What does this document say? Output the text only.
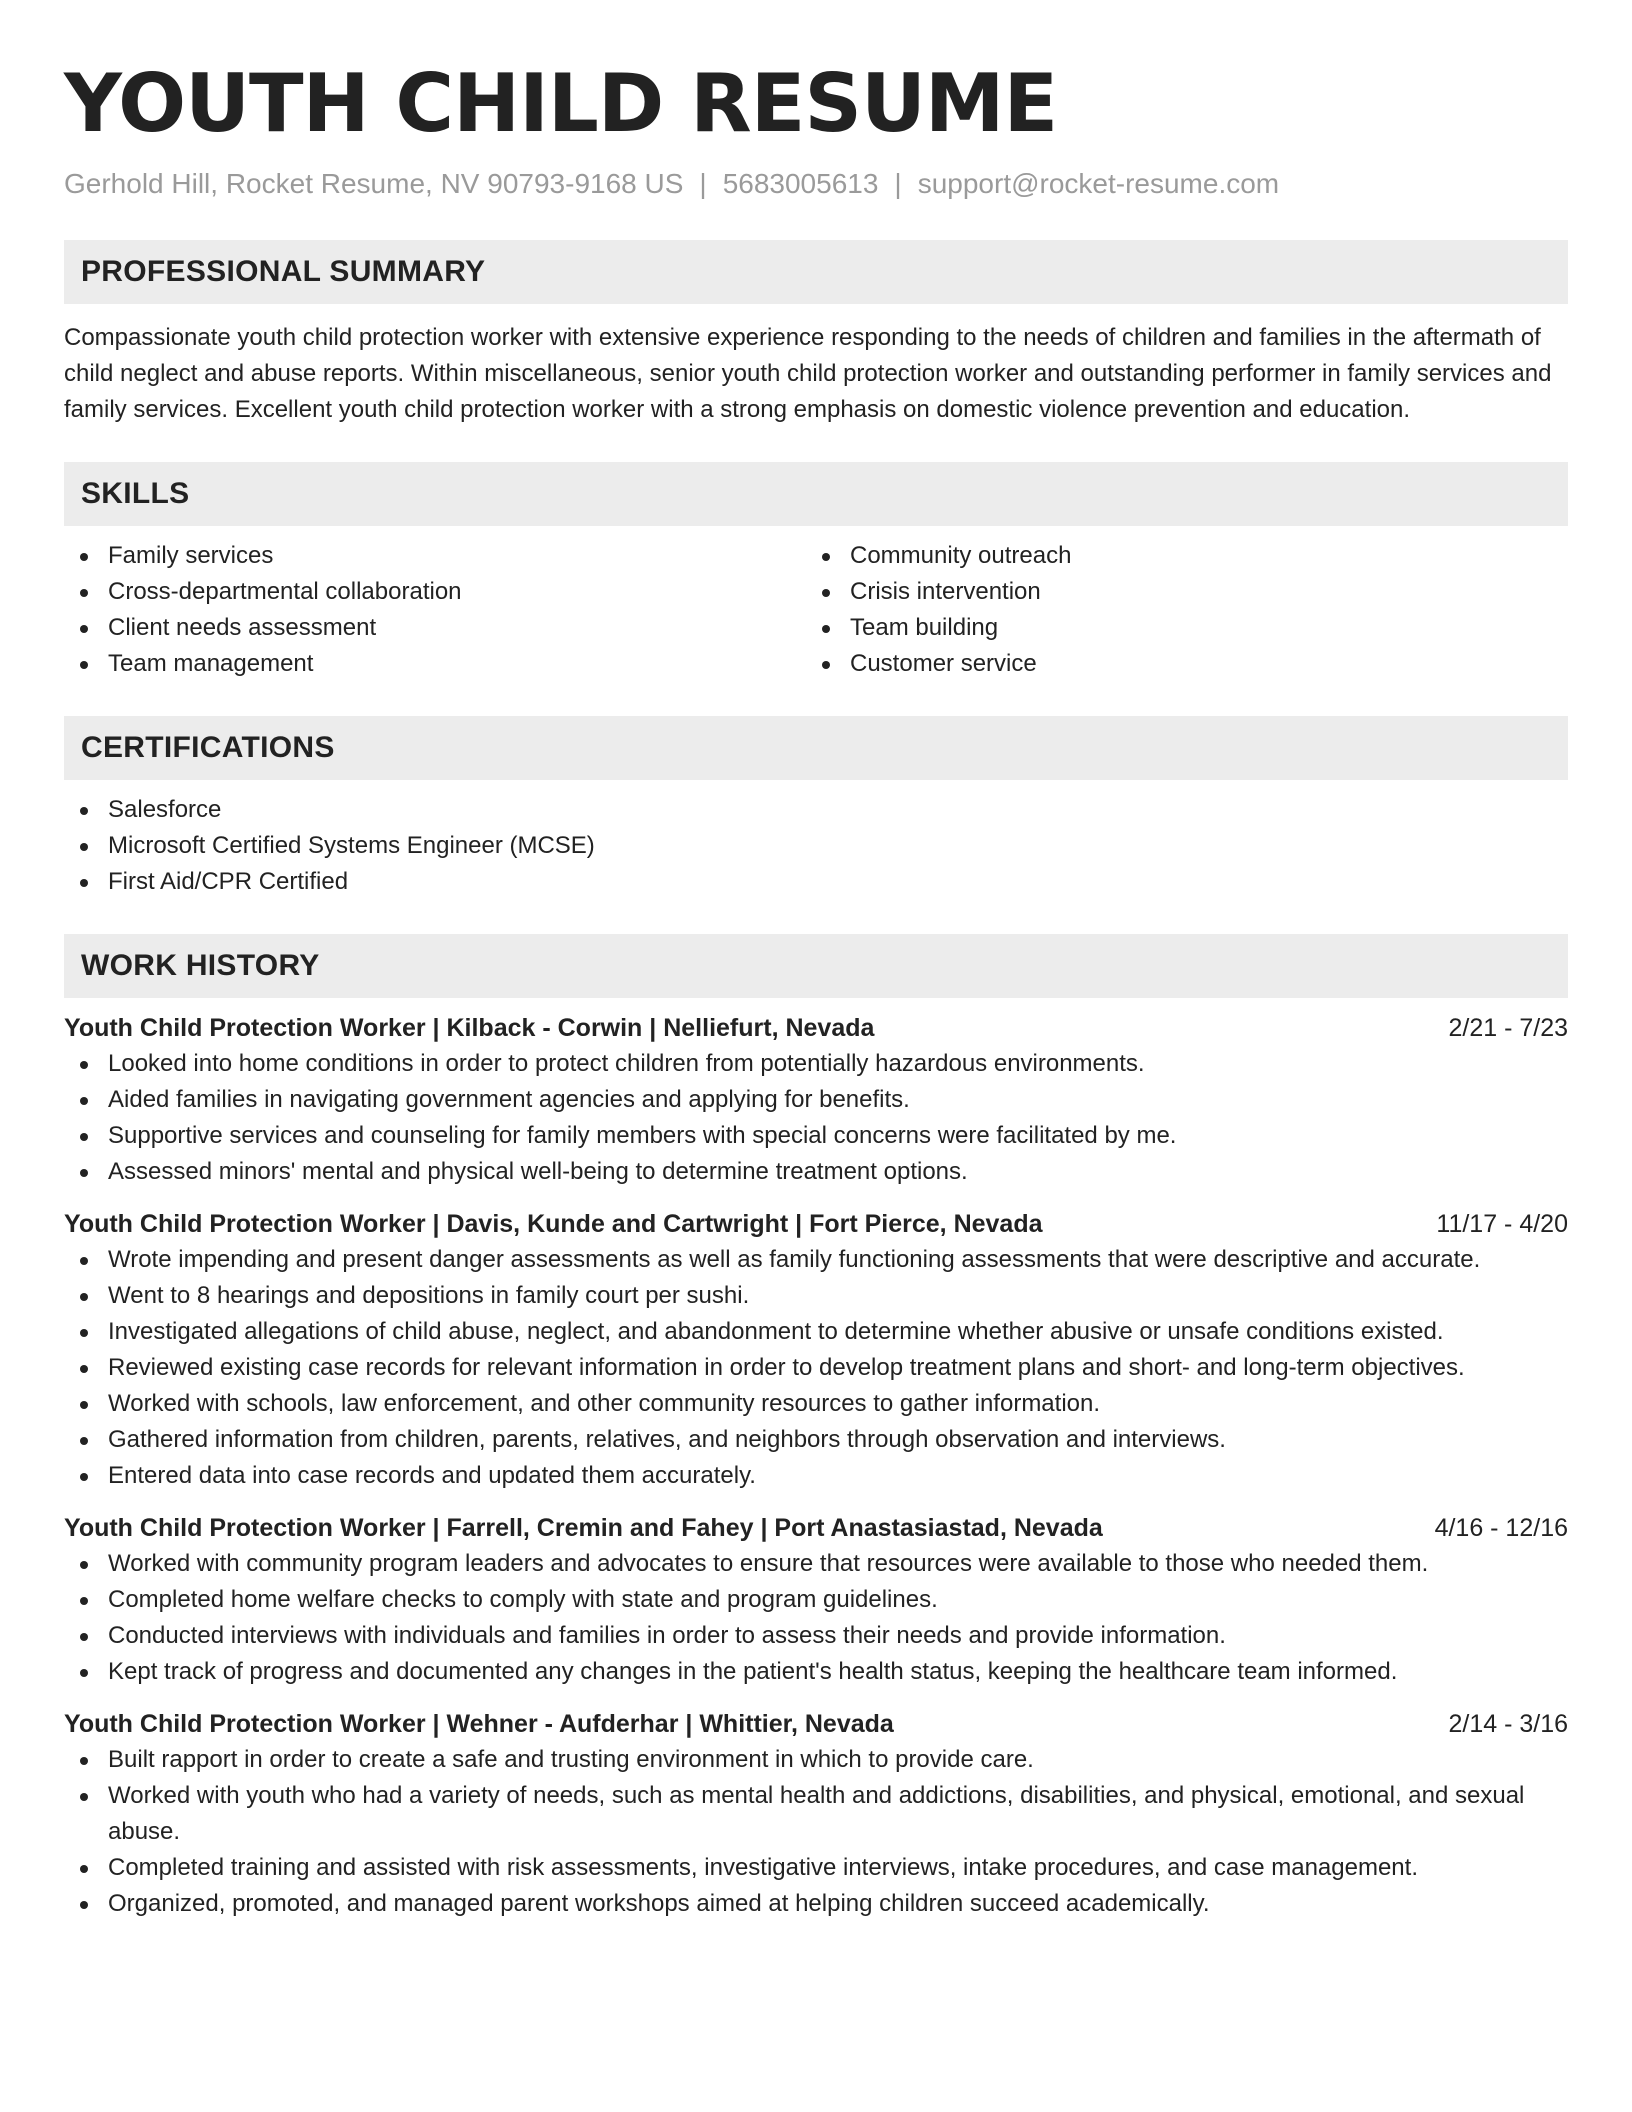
YOUTH CHILD RESUME
Gerhold Hill, Rocket Resume, NV 90793-9168 US | 5683005613 | support@rocket-resume.com
PROFESSIONAL SUMMARY

Compassionate youth child protection worker with extensive experience responding to the needs of children and families in the aftermath of child neglect and abuse reports. Within miscellaneous, senior youth child protection worker and outstanding performer in family services and family services. Excellent youth child protection worker with a strong emphasis on domestic violence prevention and education.

SKILLS
Family services
Cross-departmental collaboration
Client needs assessment
Team management
Community outreach
Crisis intervention
Team building
Customer service
CERTIFICATIONS
Salesforce
Microsoft Certified Systems Engineer (MCSE)
First Aid/CPR Certified
WORK HISTORY
Youth Child Protection Worker | Kilback - Corwin | Nelliefurt, Nevada	2/21 - 7/23
Looked into home conditions in order to protect children from potentially hazardous environments.
Aided families in navigating government agencies and applying for benefits.
Supportive services and counseling for family members with special concerns were facilitated by me.
Assessed minors' mental and physical well-being to determine treatment options.
Youth Child Protection Worker | Davis, Kunde and Cartwright | Fort Pierce, Nevada	11/17 - 4/20
Wrote impending and present danger assessments as well as family functioning assessments that were descriptive and accurate.
Went to 8 hearings and depositions in family court per sushi.
Investigated allegations of child abuse, neglect, and abandonment to determine whether abusive or unsafe conditions existed.
Reviewed existing case records for relevant information in order to develop treatment plans and short- and long-term objectives.
Worked with schools, law enforcement, and other community resources to gather information.
Gathered information from children, parents, relatives, and neighbors through observation and interviews.
Entered data into case records and updated them accurately.
Youth Child Protection Worker | Farrell, Cremin and Fahey | Port Anastasiastad, Nevada	4/16 - 12/16
Worked with community program leaders and advocates to ensure that resources were available to those who needed them.
Completed home welfare checks to comply with state and program guidelines.
Conducted interviews with individuals and families in order to assess their needs and provide information.
Kept track of progress and documented any changes in the patient's health status, keeping the healthcare team informed.
Youth Child Protection Worker | Wehner - Aufderhar | Whittier, Nevada	2/14 - 3/16
Built rapport in order to create a safe and trusting environment in which to provide care.
Worked with youth who had a variety of needs, such as mental health and addictions, disabilities, and physical, emotional, and sexual abuse.
Completed training and assisted with risk assessments, investigative interviews, intake procedures, and case management.
Organized, promoted, and managed parent workshops aimed at helping children succeed academically.
